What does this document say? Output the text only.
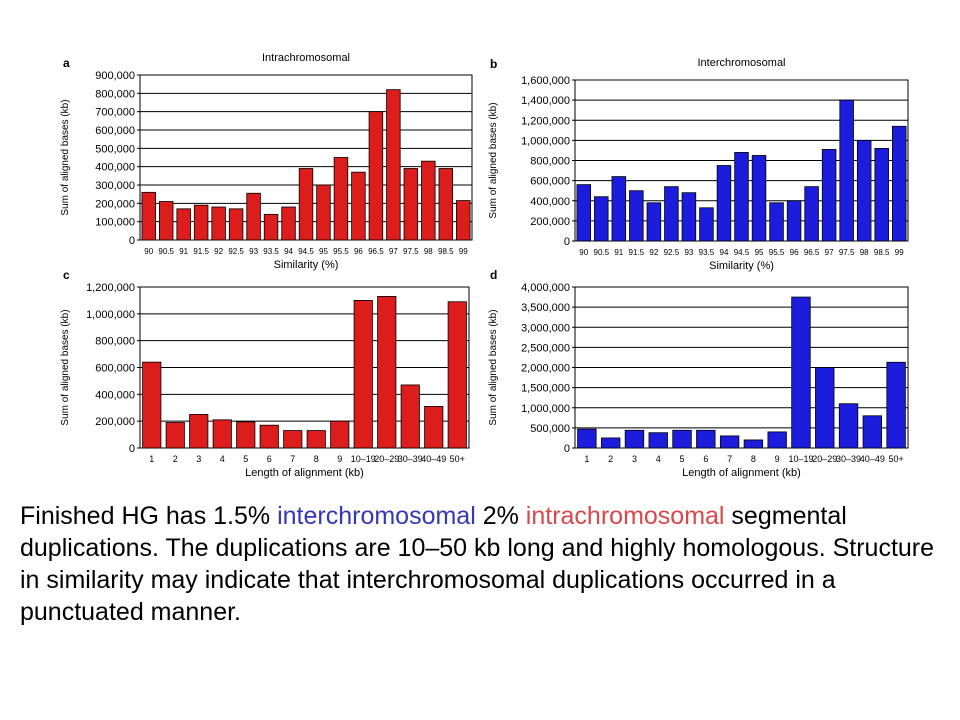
a	Intrachromosomal
0
100,000
200,000
300,000
400,000
500,000
600,000
700,000
800,000
900,000
90 90.5 91 91.5 92 92.5 93 93.5 94 94.5 95 95.5 96 96.5 97 97.5 98 98.5 99
Similarity (%)
Sum of aligned bases (kb)
b	Interchromosomal
0
200,000
400,000
600,000
800,000
1,000,000
1,200,000
1,400,000
1,600,000
90 90.5 91 91.5 92 92.5 93 93.5 94 94.5 95 95.5 96 96.5 97 97.5 98 98.5 99
Similarity (%)
Sum of aligned bases (kb)
c
0
200,000
400,000
600,000
800,000
1,000,000
1,200,000
1 2 3 4 5 6 7 8 9 10–19
20–29
30–39
40–49 50+
Length of alignment (kb)
Sum of aligned bases (kb)
d
0
500,000
1,000,000
1,500,000
2,000,000
2,500,000
3,000,000
3,500,000
4,000,000
1 2 3 4 5 6 7 8 9 10–19
20–29
30–39
40–49 50+
Length of alignment (kb)
Sum of aligned bases (kb)
Finished HG has 1.5% interchromosomal 2% intrachromosomal segmental duplications. The duplications are 10–50 kb long and highly homologous. Structure in similarity may indicate that interchromosomal duplications occurred in a punctuated manner.
